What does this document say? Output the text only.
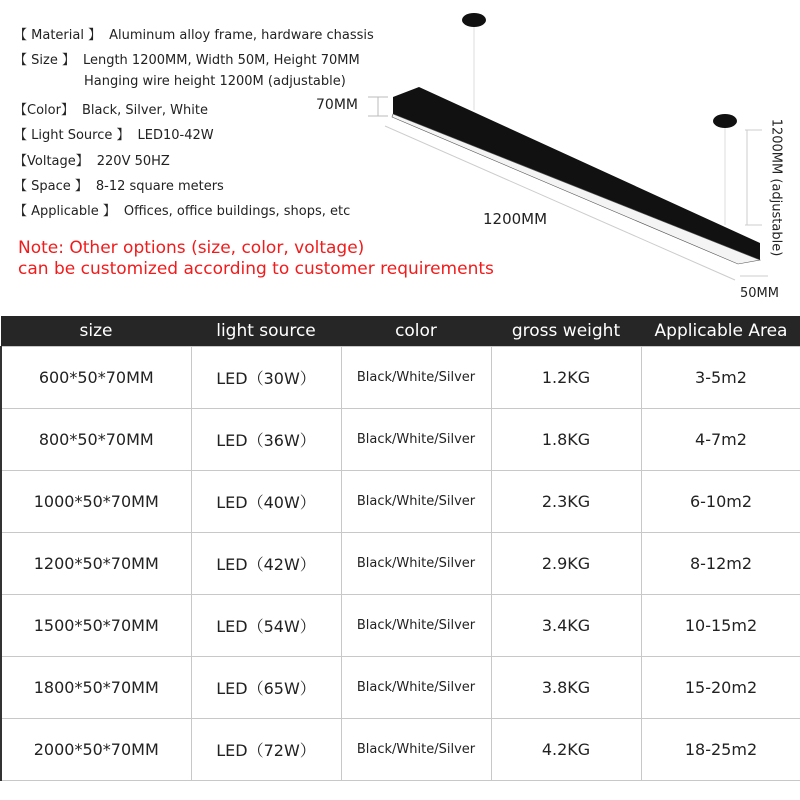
【 Material 】 Aluminum alloy frame, hardware chassis
【 Size 】 Length 1200MM, Width 50M, Height 70MM
Hanging wire height 1200M (adjustable)
【Color】 Black, Silver, White
【 Light Source 】 LED10-42W
【Voltage】 220V 50HZ
【 Space 】 8-12 square meters
【 Applicable 】 Offices, office buildings, shops, etc
Note: Other options (size, color, voltage)
can be customized according to customer requirements
70MM
1200MM	1200MM (adjustable)
50MM
size	light source	color	gross weight	Applicable Area
600*50*70MM	LED（30W）	Black/White/Silver	1.2KG	3-5m2
800*50*70MM	LED（36W）	Black/White/Silver	1.8KG	4-7m2
1000*50*70MM	LED（40W）	Black/White/Silver	2.3KG	6-10m2
1200*50*70MM	LED（42W）	Black/White/Silver	2.9KG	8-12m2
1500*50*70MM	LED（54W）	Black/White/Silver	3.4KG	10-15m2
1800*50*70MM	LED（65W）	Black/White/Silver	3.8KG	15-20m2
2000*50*70MM	LED（72W）	Black/White/Silver	4.2KG	18-25m2
